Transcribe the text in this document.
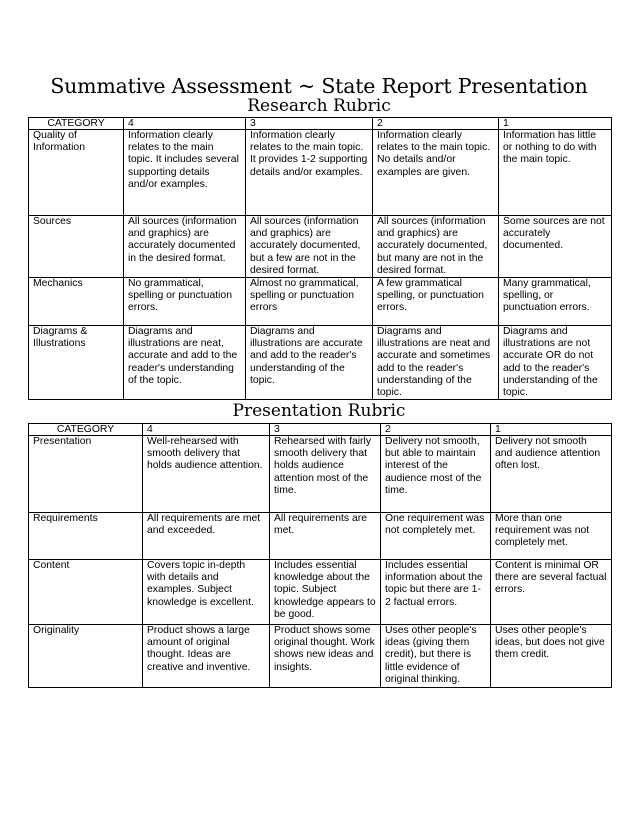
Summative Assessment ~ State Report Presentation
Research Rubric
CATEGORY	4	3	2	1
Quality of Information	Information clearly relates to the main topic. It includes several supporting details and/or examples.	Information clearly relates to the main topic. It provides 1-2 supporting details and/or examples.	Information clearly relates to the main topic. No details and/or examples are given.	Information has little or nothing to do with the main topic.
Sources	All sources (information and graphics) are accurately documented in the desired format.	All sources (information and graphics) are accurately documented, but a few are not in the desired format.	All sources (information and graphics) are accurately documented, but many are not in the desired format.	Some sources are not accurately documented.
Mechanics	No grammatical, spelling or punctuation errors.	Almost no grammatical, spelling or punctuation errors	A few grammatical spelling, or punctuation errors.	Many grammatical, spelling, or punctuation errors.
Diagrams & Illustrations	Diagrams and illustrations are neat, accurate and add to the reader's understanding of the topic.	Diagrams and illustrations are accurate and add to the reader's understanding of the topic.	Diagrams and illustrations are neat and accurate and sometimes add to the reader's understanding of the topic.	Diagrams and illustrations are not accurate OR do not add to the reader's understanding of the topic.
Presentation Rubric
CATEGORY	4	3	2	1
Presentation	Well-rehearsed with smooth delivery that holds audience attention.	Rehearsed with fairly smooth delivery that holds audience attention most of the time.	Delivery not smooth, but able to maintain interest of the audience most of the time.	Delivery not smooth and audience attention often lost.
Requirements	All requirements are met and exceeded.	All requirements are met.	One requirement was not completely met.	More than one requirement was not completely met.
Content	Covers topic in-depth with details and examples. Subject knowledge is excellent.	Includes essential knowledge about the topic. Subject knowledge appears to be good.	Includes essential information about the topic but there are 1-2 factual errors.	Content is minimal OR there are several factual errors.
Originality	Product shows a large amount of original thought. Ideas are creative and inventive.	Product shows some original thought. Work shows new ideas and insights.	Uses other people's ideas (giving them credit), but there is little evidence of original thinking.	Uses other people's ideas, but does not give them credit.
